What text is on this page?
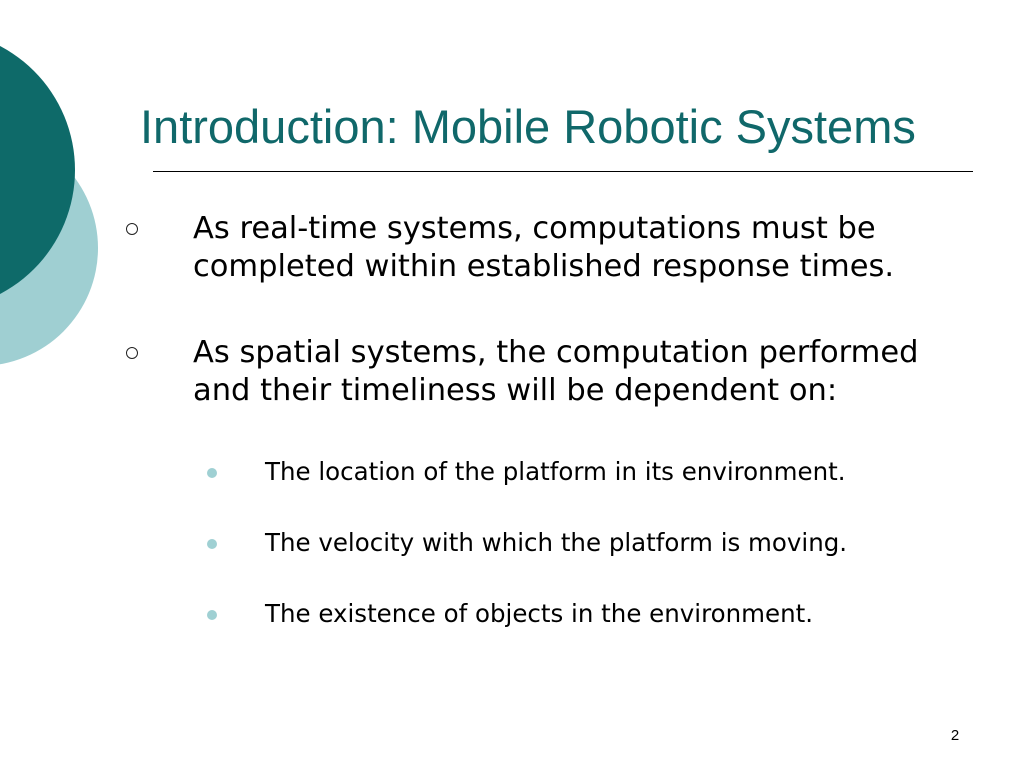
Introduction: Mobile Robotic Systems
As real-time systems, computations must be completed within established response times.
As spatial systems, the computation performed and their timeliness will be dependent on:
The location of the platform in its environment.
The velocity with which the platform is moving.
The existence of objects in the environment.
2
